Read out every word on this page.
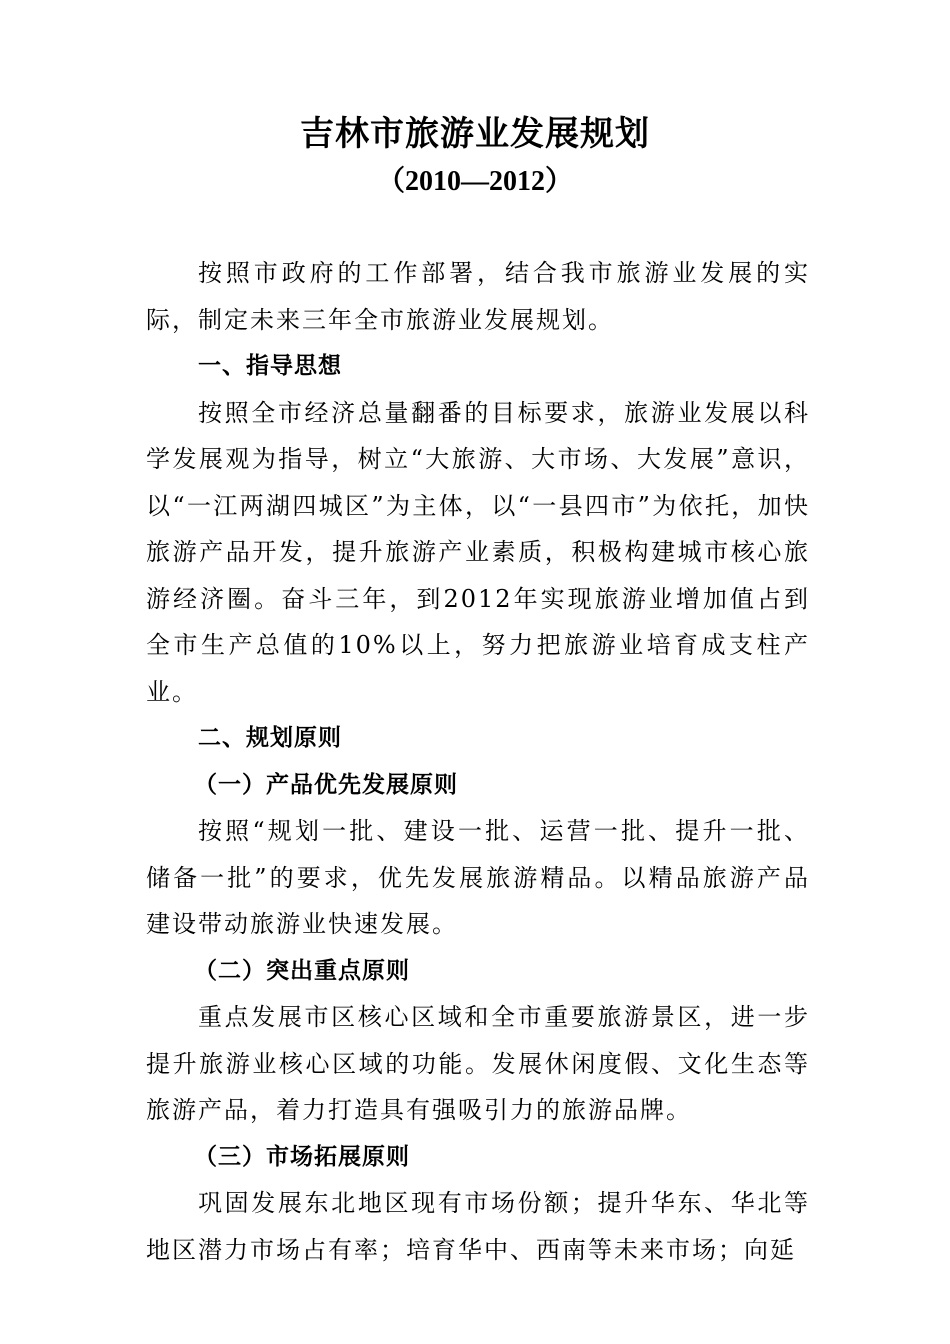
吉林市旅游业发展规划
（2010—2012）

按照市政府的工作部署，结合我市旅游业发展的实际，制定未来三年全市旅游业发展规划。

一、指导思想

按照全市经济总量翻番的目标要求，旅游业发展以科学发展观为指导，树立“大旅游、大市场、大发展”意识，以“一江两湖四城区”为主体，以“一县四市”为依托，加快旅游产品开发，提升旅游产业素质，积极构建城市核心旅游经济圈。奋斗三年，到2012年实现旅游业增加值占到全市生产总值的10%以上，努力把旅游业培育成支柱产业。

二、规划原则

（一）产品优先发展原则

按照“规划一批、建设一批、运营一批、提升一批、储备一批”的要求，优先发展旅游精品。以精品旅游产品建设带动旅游业快速发展。

（二）突出重点原则

重点发展市区核心区域和全市重要旅游景区，进一步提升旅游业核心区域的功能。发展休闲度假、文化生态等旅游产品，着力打造具有强吸引力的旅游品牌。

（三）市场拓展原则

巩固发展东北地区现有市场份额；提升华东、华北等地区潜力市场占有率；培育华中、西南等未来市场；向延
